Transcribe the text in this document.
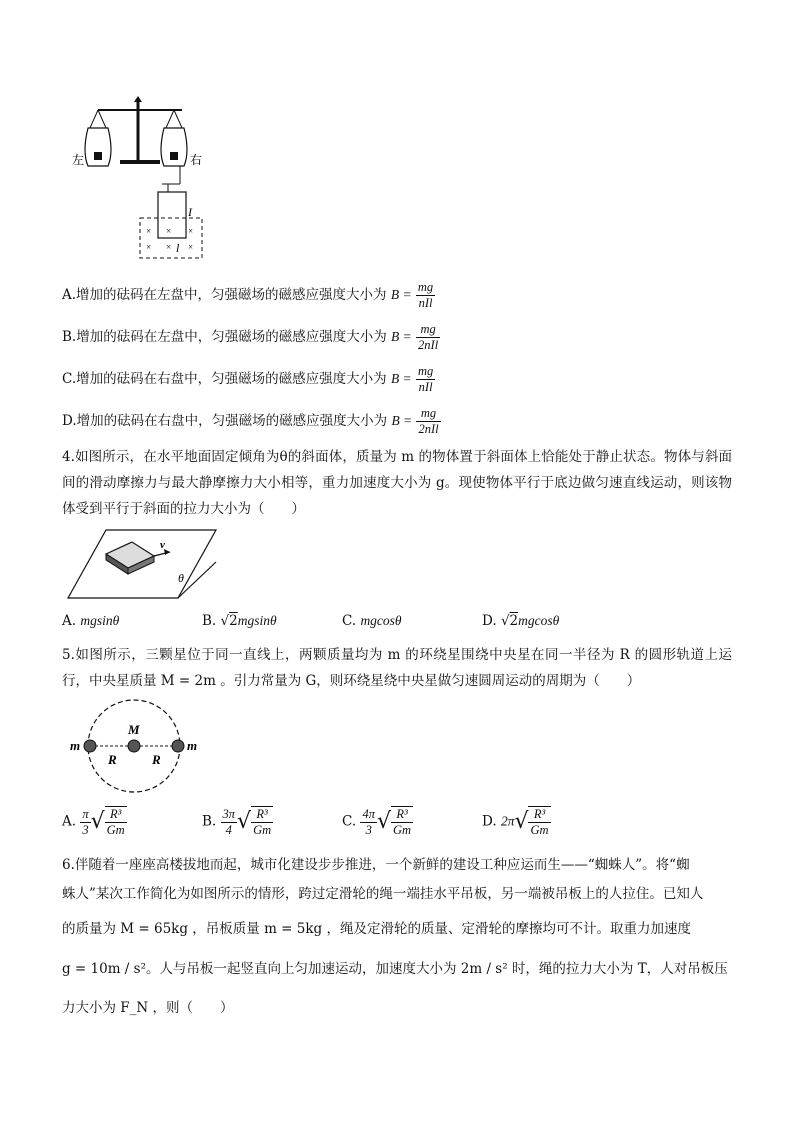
左	右
I
× × ×
× × ×
l
A.增加的砝码在左盘中，匀强磁场的磁感应强度大小为 $B = \frac{mg}{\text{nIl}}$
B.增加的砝码在左盘中，匀强磁场的磁感应强度大小为 $B = \frac{mg}{\text{2nIl}}$
C.增加的砝码在右盘中，匀强磁场的磁感应强度大小为 $B = \frac{mg}{\text{nIl}}$
D.增加的砝码在右盘中，匀强磁场的磁感应强度大小为 $B = \frac{mg}{\text{2nIl}}$
4.如图所示，在水平地面固定倾角为θ的斜面体，质量为 m 的物体置于斜面体上恰能处于静止状态。物体与斜面间的滑动摩擦力与最大静摩擦力大小相等，重力加速度大小为 g。现使物体平行于底边做匀速直线运动，则该物体受到平行于斜面的拉力大小为（　　）
v
θ
A. mgsinθ	B. √2mgsinθ	C. mgcosθ	D. √2mgcosθ
5.如图所示，三颗星位于同一直线上，两颗质量均为 m 的环绕星围绕中央星在同一半径为 R 的圆形轨道上运行，中央星质量 M = 2m 。引力常量为 G，则环绕星绕中央星做匀速圆周运动的周期为（　　）
m	m
M
R	R
A. $\frac{\pi}{3}$ √ $\frac{\text{R³}}{Gm}$	B. $\frac{3\pi}{4}$ √ $\frac{\text{R³}}{Gm}$	C. $\frac{4\pi}{3}$ √ $\frac{\text{R³}}{Gm}$	D. $2\pi√ \frac{\text{R³}}{Gm}$
6.伴随着一座座高楼拔地而起，城市化建设步步推进，一个新鲜的建设工种应运而生——“蜘蛛人”。将“蜘
蛛人”某次工作简化为如图所示的情形，跨过定滑轮的绳一端挂水平吊板，另一端被吊板上的人拉住。已知人
的质量为 M = 65kg ，吊板质量 m = 5kg ，绳及定滑轮的质量、定滑轮的摩擦均可不计。取重力加速度
g = 10m / s²。人与吊板一起竖直向上匀加速运动，加速度大小为 2m / s² 时，绳的拉力大小为 T，人对吊板压
力大小为 F_N ，则（　　）
